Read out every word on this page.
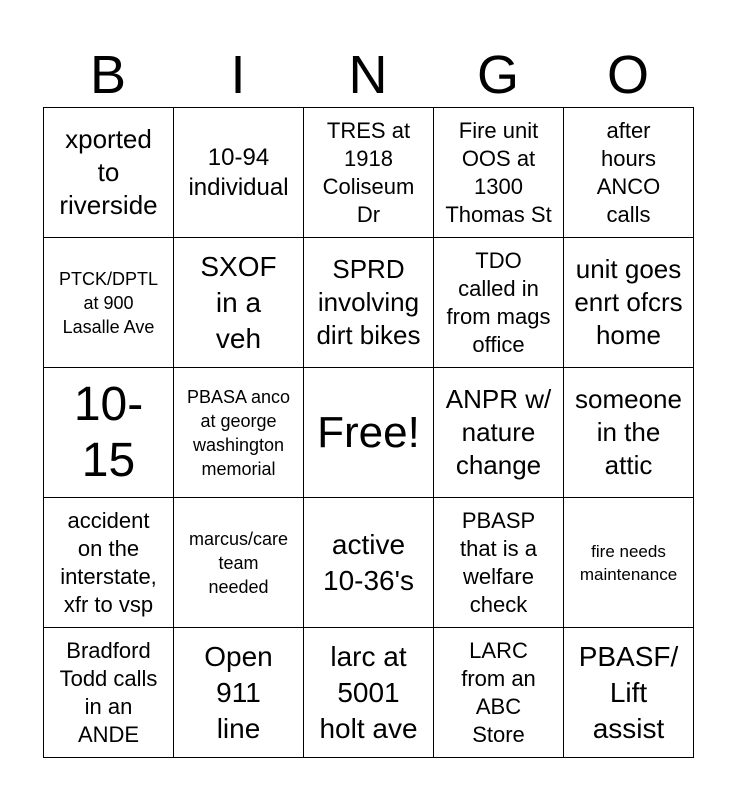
B	I	N	G	O
xported
to
riverside	10-94
individual	TRES at
1918
Coliseum
Dr	Fire unit
OOS at
1300
Thomas St	after
hours
ANCO
calls
PTCK/DPTL
at 900
Lasalle Ave	SXOF
in a
veh	SPRD
involving
dirt bikes	TDO
called in
from mags
office	unit goes
enrt ofcrs
home
10-
15	PBASA anco
at george
washington
memorial	Free!	ANPR w/
nature
change	someone
in the
attic
accident
on the
interstate,
xfr to vsp	marcus/care
team
needed	active
10-36's	PBASP
that is a
welfare
check	fire needs
maintenance
Bradford
Todd calls
in an
ANDE	Open
911
line	larc at
5001
holt ave	LARC
from an
ABC
Store	PBASF/
Lift
assist
